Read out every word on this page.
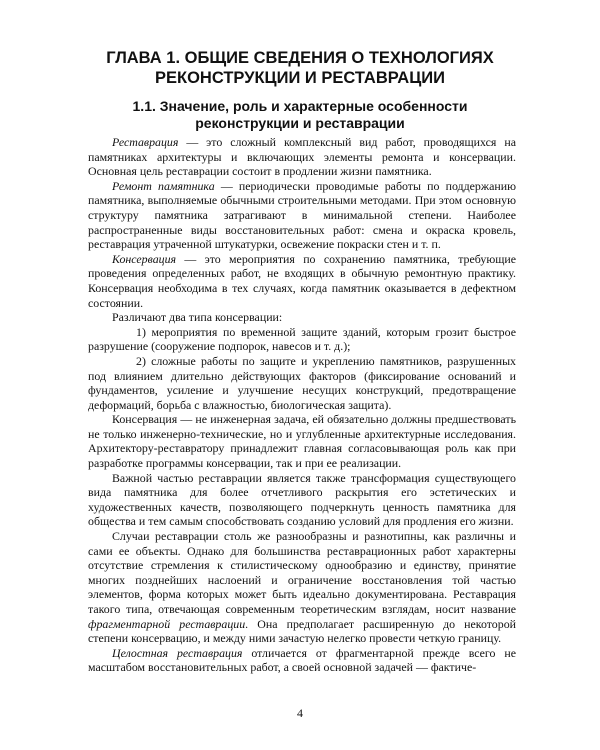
ГЛАВА 1. ОБЩИЕ СВЕДЕНИЯ О ТЕХНОЛОГИЯХ РЕКОНСТРУКЦИИ И РЕСТАВРАЦИИ
1.1. Значение, роль и характерные особенности реконструкции и реставрации

Реставрация — это сложный комплексный вид работ, проводящихся на памятниках архитектуры и включающих элементы ремонта и консервации. Основная цель реставрации состоит в продлении жизни памятника.

Ремонт памятника — периодически проводимые работы по поддержанию памятника, выполняемые обычными строительными методами. При этом основную структуру памятника затрагивают в минимальной степени. Наиболее распространенные виды восстановительных работ: смена и окраска кровель, реставрация утраченной штукатурки, освежение покраски стен и т. п.

Консервация — это мероприятия по сохранению памятника, требующие проведения определенных работ, не входящих в обычную ремонтную практику. Консервация необходима в тех случаях, когда памятник оказывается в дефектном состоянии.

Различают два типа консервации:

1) мероприятия по временной защите зданий, которым грозит быстрое разрушение (сооружение подпорок, навесов и т. д.);

2) сложные работы по защите и укреплению памятников, разрушенных под влиянием длительно действующих факторов (фиксирование оснований и фундаментов, усиление и улучшение несущих конструкций, предотвращение деформаций, борьба с влажностью, биологическая защита).

Консервация — не инженерная задача, ей обязательно должны предшествовать не только инженерно-технические, но и углубленные архитектурные исследования. Архитектору-реставратору принадлежит главная согласовывающая роль как при разработке программы консервации, так и при ее реализации.

Важной частью реставрации является также трансформация существующего вида памятника для более отчетливого раскрытия его эстетических и художественных качеств, позволяющего подчеркнуть ценность памятника для общества и тем самым способствовать созданию условий для продления его жизни.

Случаи реставрации столь же разнообразны и разнотипны, как различны и сами ее объекты. Однако для большинства реставрационных работ характерны отсутствие стремления к стилистическому однообразию и единству, принятие многих позднейших наслоений и ограничение восстановления той частью элементов, форма которых может быть идеально документирована. Реставрация такого типа, отвечающая современным теоретическим взглядам, носит название фрагментарной реставрации. Она предполагает расширенную до некоторой степени консервацию, и между ними зачастую нелегко провести четкую границу.

Целостная реставрация отличается от фрагментарной прежде всего не масштабом восстановительных работ, а своей основной задачей — фактиче-

4
